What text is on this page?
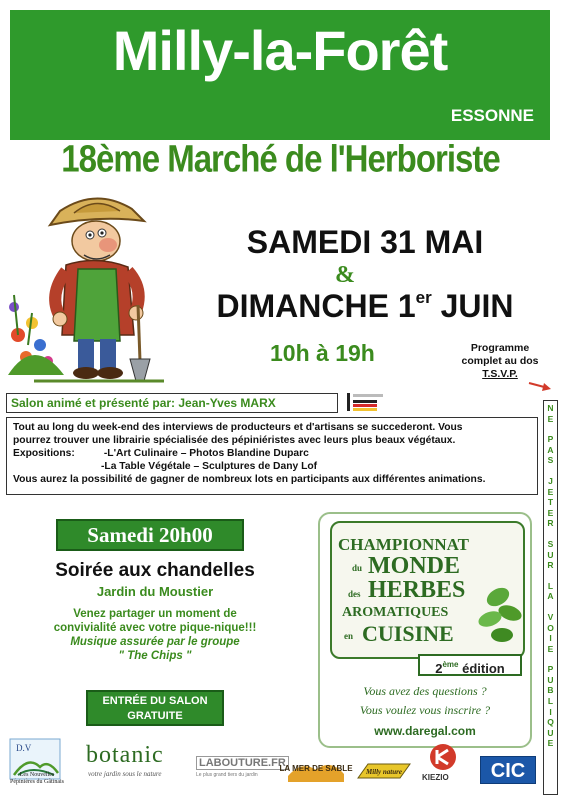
Milly-la-Forêt
ESSONNE
18ème Marché de l'Herboriste
SAMEDI 31 MAI
&
DIMANCHE 1er JUIN
10h à 19h	Programme
complet au dos
T.S.V.P.
Salon animé et présenté par: Jean-Yves MARX
Tout au long du week-end des interviews de producteurs et d'artisans se succederont. Vous
pourrez trouver une librairie spécialisée des pépiniéristes avec leurs plus beaux végétaux.
Expositions:	-L'Art Culinaire – Photos Blandine Duparc
-La Table Végétale – Sculptures de Dany Lof
Vous aurez la possibilité de gagner de nombreux lots en participants aux différentes animations.
N
E
P
A
S
J
E
T
E
R
S
U
R
L
A
V
O
I
E
P
U
B
L
I
Q
U
E
Samedi 20h00
Soirée aux chandelles
Jardin du Moustier
Venez partager un moment de
convivialité avec votre pique-nique!!!
Musique assurée par le groupe
" The Chips "
ENTRÉE DU SALON
GRATUITE
CHAMPIONNAT
du MONDE
des HERBES
AROMATIQUES
en CUISINE
2ème édition
Vous avez des questions ?
Vous voulez vous inscrire ?
www.daregal.com
D.V
Les Nouvelles
Pépinières du Gâtinais
botanic
votre jardin sous le nature
LABOUTURE.FR
Le plus grand tiers du jardin
LA MER DE SABLE Milly nature
KIEZIO	CIC
